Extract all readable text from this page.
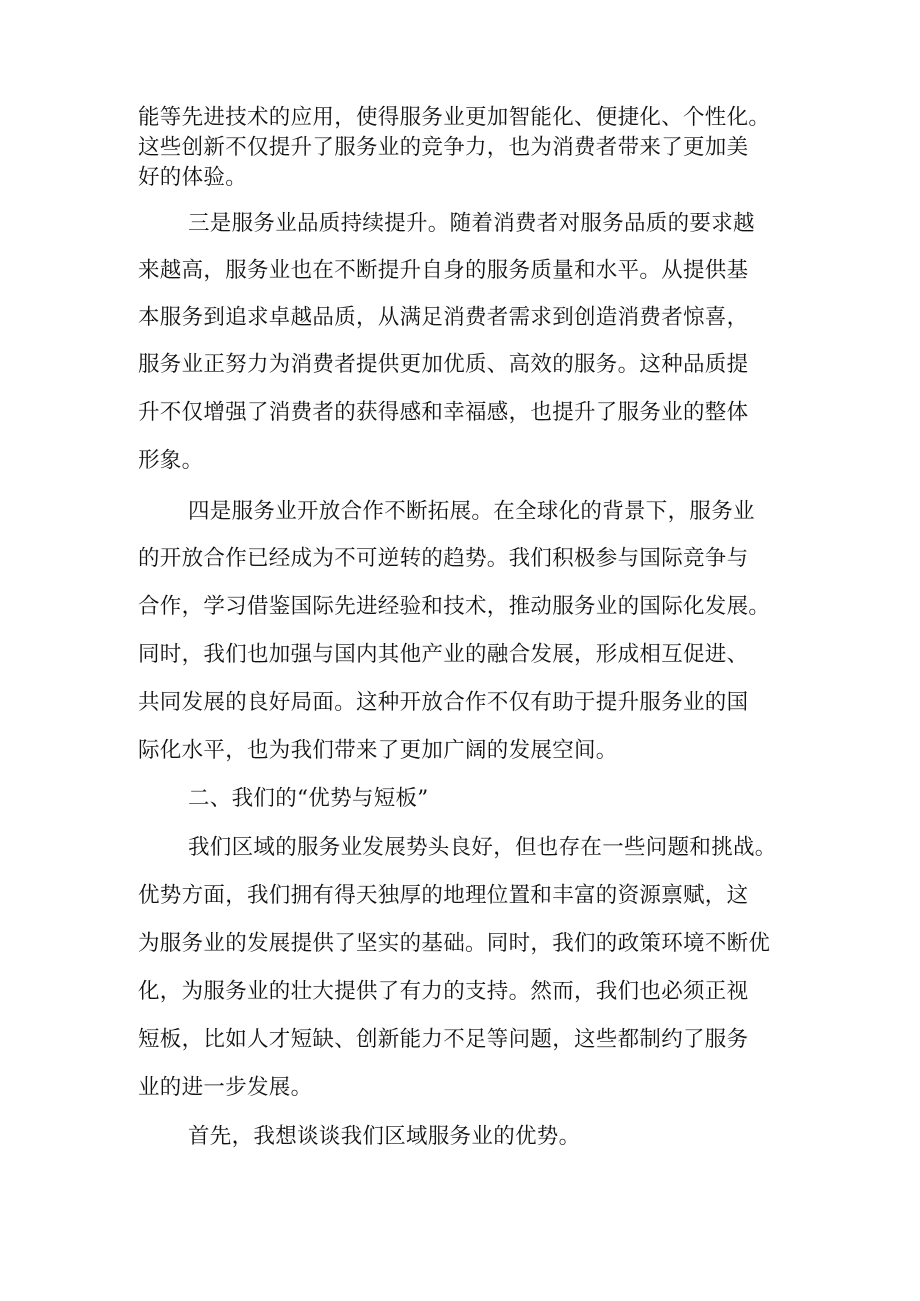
能等先进技术的应用，使得服务业更加智能化、便捷化、个性化。
这些创新不仅提升了服务业的竞争力，也为消费者带来了更加美
好的体验。
三是服务业品质持续提升。随着消费者对服务品质的要求越
来越高，服务业也在不断提升自身的服务质量和水平。从提供基
本服务到追求卓越品质，从满足消费者需求到创造消费者惊喜，
服务业正努力为消费者提供更加优质、高效的服务。这种品质提
升不仅增强了消费者的获得感和幸福感，也提升了服务业的整体
形象。
四是服务业开放合作不断拓展。在全球化的背景下，服务业
的开放合作已经成为不可逆转的趋势。我们积极参与国际竞争与
合作，学习借鉴国际先进经验和技术，推动服务业的国际化发展。
同时，我们也加强与国内其他产业的融合发展，形成相互促进、
共同发展的良好局面。这种开放合作不仅有助于提升服务业的国
际化水平，也为我们带来了更加广阔的发展空间。
二、我们的“优势与短板”
我们区域的服务业发展势头良好，但也存在一些问题和挑战。
优势方面，我们拥有得天独厚的地理位置和丰富的资源禀赋，这
为服务业的发展提供了坚实的基础。同时，我们的政策环境不断优
化，为服务业的壮大提供了有力的支持。然而，我们也必须正视
短板，比如人才短缺、创新能力不足等问题，这些都制约了服务
业的进一步发展。
首先，我想谈谈我们区域服务业的优势。
